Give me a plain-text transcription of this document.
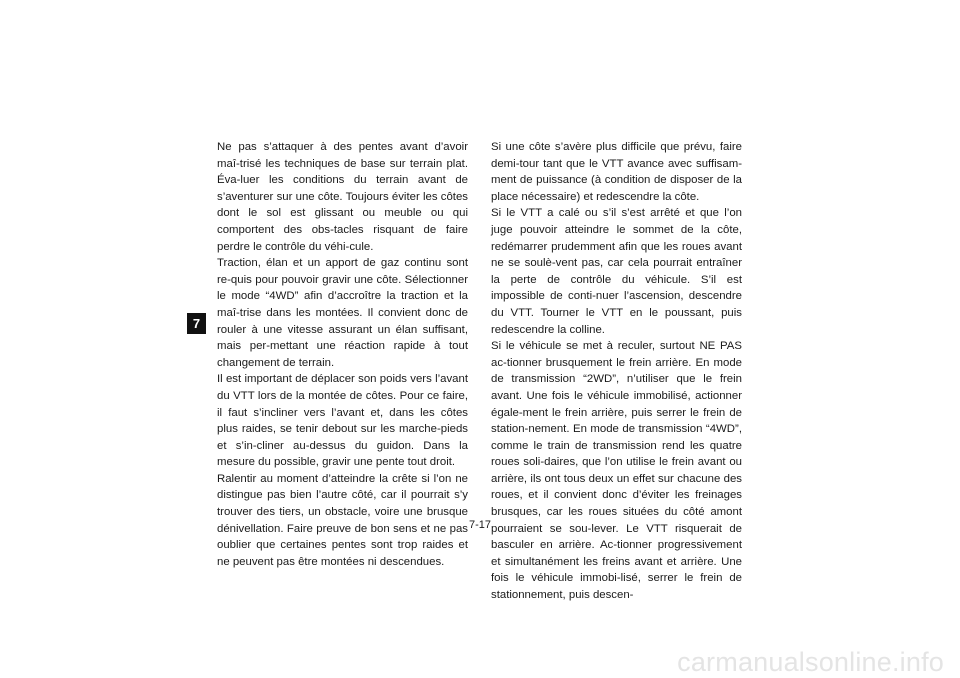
7

Ne pas s’attaquer à des pentes avant d’avoir maî-trisé les techniques de base sur terrain plat. Éva-luer les conditions du terrain avant de s’aventurer sur une côte. Toujours éviter les côtes dont le sol est glissant ou meuble ou qui comportent des obs-tacles risquant de faire perdre le contrôle du véhi-cule.

Traction, élan et un apport de gaz continu sont re-quis pour pouvoir gravir une côte. Sélectionner le mode “4WD” afin d’accroître la traction et la maî-trise dans les montées. Il convient donc de rouler à une vitesse assurant un élan suffisant, mais per-mettant une réaction rapide à tout changement de terrain.

Il est important de déplacer son poids vers l’avant du VTT lors de la montée de côtes. Pour ce faire, il faut s’incliner vers l’avant et, dans les côtes plus raides, se tenir debout sur les marche-pieds et s’in-cliner au-dessus du guidon. Dans la mesure du possible, gravir une pente tout droit.

Ralentir au moment d’atteindre la crête si l’on ne distingue pas bien l’autre côté, car il pourrait s’y trouver des tiers, un obstacle, voire une brusque dénivellation. Faire preuve de bon sens et ne pas oublier que certaines pentes sont trop raides et ne peuvent pas être montées ni descendues.

Si une côte s’avère plus difficile que prévu, faire demi-tour tant que le VTT avance avec suffisam-ment de puissance (à condition de disposer de la place nécessaire) et redescendre la côte.

Si le VTT a calé ou s’il s’est arrêté et que l’on juge pouvoir atteindre le sommet de la côte, redémarrer prudemment afin que les roues avant ne se soulè-vent pas, car cela pourrait entraîner la perte de contrôle du véhicule. S’il est impossible de conti-nuer l’ascension, descendre du VTT. Tourner le VTT en le poussant, puis redescendre la colline.

Si le véhicule se met à reculer, surtout NE PAS ac-tionner brusquement le frein arrière. En mode de transmission “2WD”, n’utiliser que le frein avant. Une fois le véhicule immobilisé, actionner égale-ment le frein arrière, puis serrer le frein de station-nement. En mode de transmission “4WD”, comme le train de transmission rend les quatre roues soli-daires, que l’on utilise le frein avant ou arrière, ils ont tous deux un effet sur chacune des roues, et il convient donc d’éviter les freinages brusques, car les roues situées du côté amont pourraient se sou-lever. Le VTT risquerait de basculer en arrière. Ac-tionner progressivement et simultanément les freins avant et arrière. Une fois le véhicule immobi-lisé, serrer le frein de stationnement, puis descen-

7-17
carmanualsonline.info
